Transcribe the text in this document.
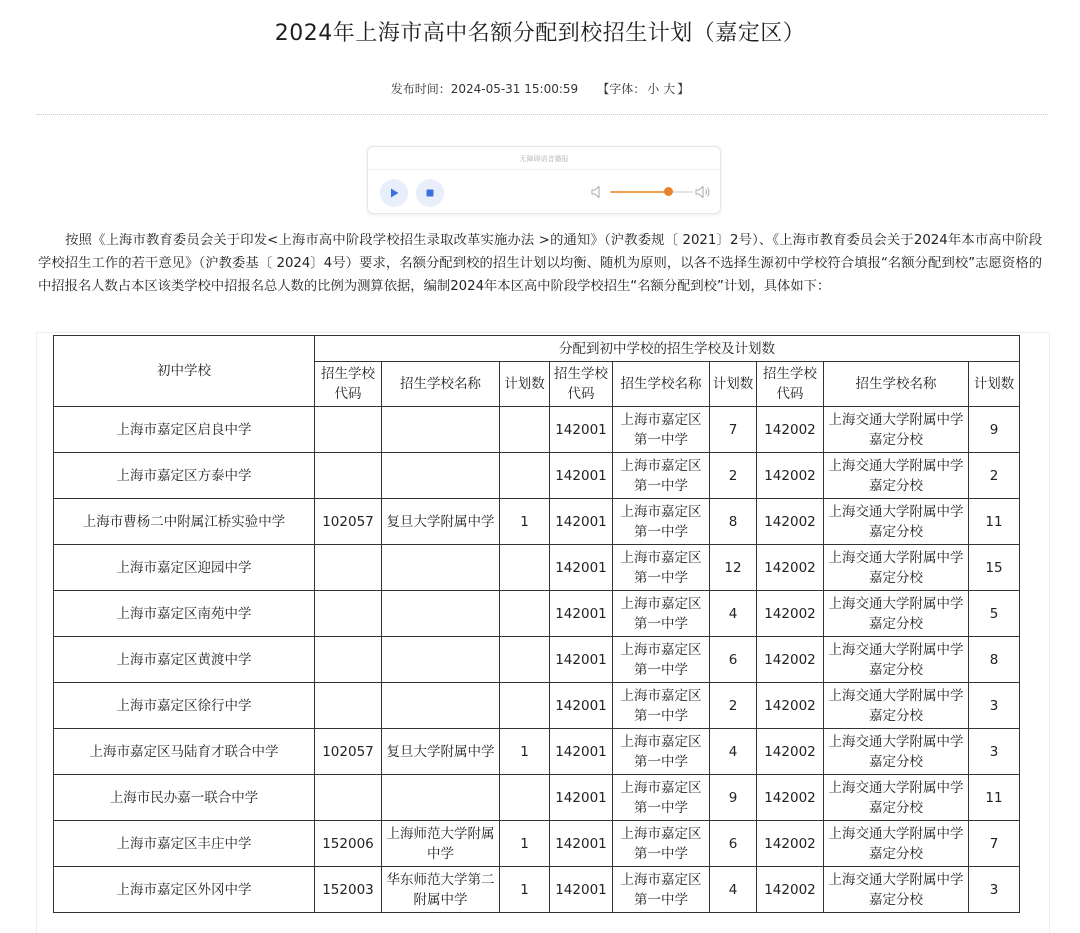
2024年上海市高中名额分配到校招生计划（嘉定区）
发布时间：2024-05-31 15:00:59 【字体： 小 大 】
无障碍语音播报
按照《上海市教育委员会关于印发<上海市高中阶段学校招生录取改革实施办法 >的通知》（沪教委规〔 2021〕2号）、《上海市教育委员会关于2024年本市高中阶段学校招生工作的若干意见》（沪教委基〔 2024〕4号）要求，名额分配到校的招生计划以均衡、随机为原则，以各不选择生源初中学校符合填报“名额分配到校”志愿资格的中招报名人数占本区该类学校中招报名总人数的比例为测算依据，编制2024年本区高中阶段学校招生“名额分配到校”计划，具体如下：
初中学校	分配到初中学校的招生学校及计划数								
	招生学校代码	招生学校名称	计划数	招生学校代码	招生学校名称	计划数	招生学校代码	招生学校名称	计划数
上海市嘉定区启良中学				142001	上海市嘉定区第一中学	7	142002	上海交通大学附属中学嘉定分校	9
上海市嘉定区方泰中学				142001	上海市嘉定区第一中学	2	142002	上海交通大学附属中学嘉定分校	2
上海市曹杨二中附属江桥实验中学	102057	复旦大学附属中学	1	142001	上海市嘉定区第一中学	8	142002	上海交通大学附属中学嘉定分校	11
上海市嘉定区迎园中学				142001	上海市嘉定区第一中学	12	142002	上海交通大学附属中学嘉定分校	15
上海市嘉定区南苑中学				142001	上海市嘉定区第一中学	4	142002	上海交通大学附属中学嘉定分校	5
上海市嘉定区黄渡中学				142001	上海市嘉定区第一中学	6	142002	上海交通大学附属中学嘉定分校	8
上海市嘉定区徐行中学				142001	上海市嘉定区第一中学	2	142002	上海交通大学附属中学嘉定分校	3
上海市嘉定区马陆育才联合中学	102057	复旦大学附属中学	1	142001	上海市嘉定区第一中学	4	142002	上海交通大学附属中学嘉定分校	3
上海市民办嘉一联合中学				142001	上海市嘉定区第一中学	9	142002	上海交通大学附属中学嘉定分校	11
上海市嘉定区丰庄中学	152006	上海师范大学附属中学	1	142001	上海市嘉定区第一中学	6	142002	上海交通大学附属中学嘉定分校	7
上海市嘉定区外冈中学	152003	华东师范大学第二附属中学	1	142001	上海市嘉定区第一中学	4	142002	上海交通大学附属中学嘉定分校	3
